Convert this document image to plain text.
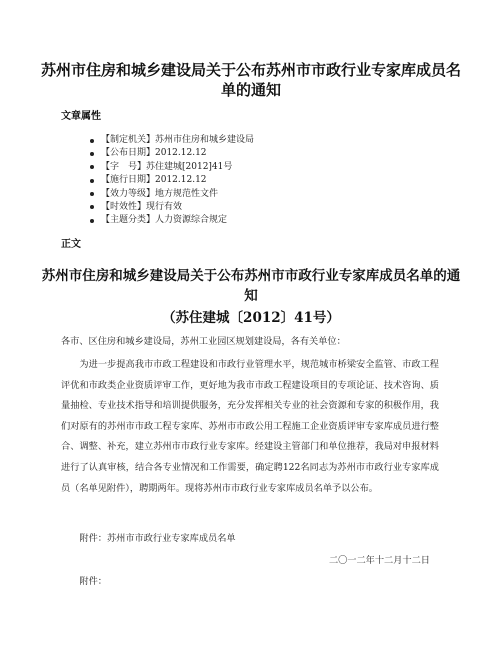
苏州市住房和城乡建设局关于公布苏州市市政行业专家库成员名单的通知

文章属性

【制定机关】苏州市住房和城乡建设局
【公布日期】2012.12.12
【字　号】苏住建城[2012]41号
【施行日期】2012.12.12
【效力等级】地方规范性文件
【时效性】现行有效
【主题分类】人力资源综合规定

正文

苏州市住房和城乡建设局关于公布苏州市市政行业专家库成员名单的通知

（苏住建城〔2012〕41号）

各市、区住房和城乡建设局，苏州工业园区规划建设局，各有关单位：

为进一步提高我市市政工程建设和市政行业管理水平，规范城市桥梁安全监管、市政工程评优和市政类企业资质评审工作，更好地为我市市政工程建设项目的专项论证、技术咨询、质量抽检、专业技术指导和培训提供服务，充分发挥相关专业的社会资源和专家的积极作用，我们对原有的苏州市市政工程专家库、苏州市市政公用工程施工企业资质评审专家库成员进行整合、调整、补充，建立苏州市市政行业专家库。经建设主管部门和单位推荐，我局对申报材料进行了认真审核，结合各专业情况和工作需要，确定聘122名同志为苏州市市政行业专家库成员（名单见附件），聘期两年。现将苏州市市政行业专家库成员名单予以公布。

附件：苏州市市政行业专家库成员名单

二〇一二年十二月十二日

附件：
